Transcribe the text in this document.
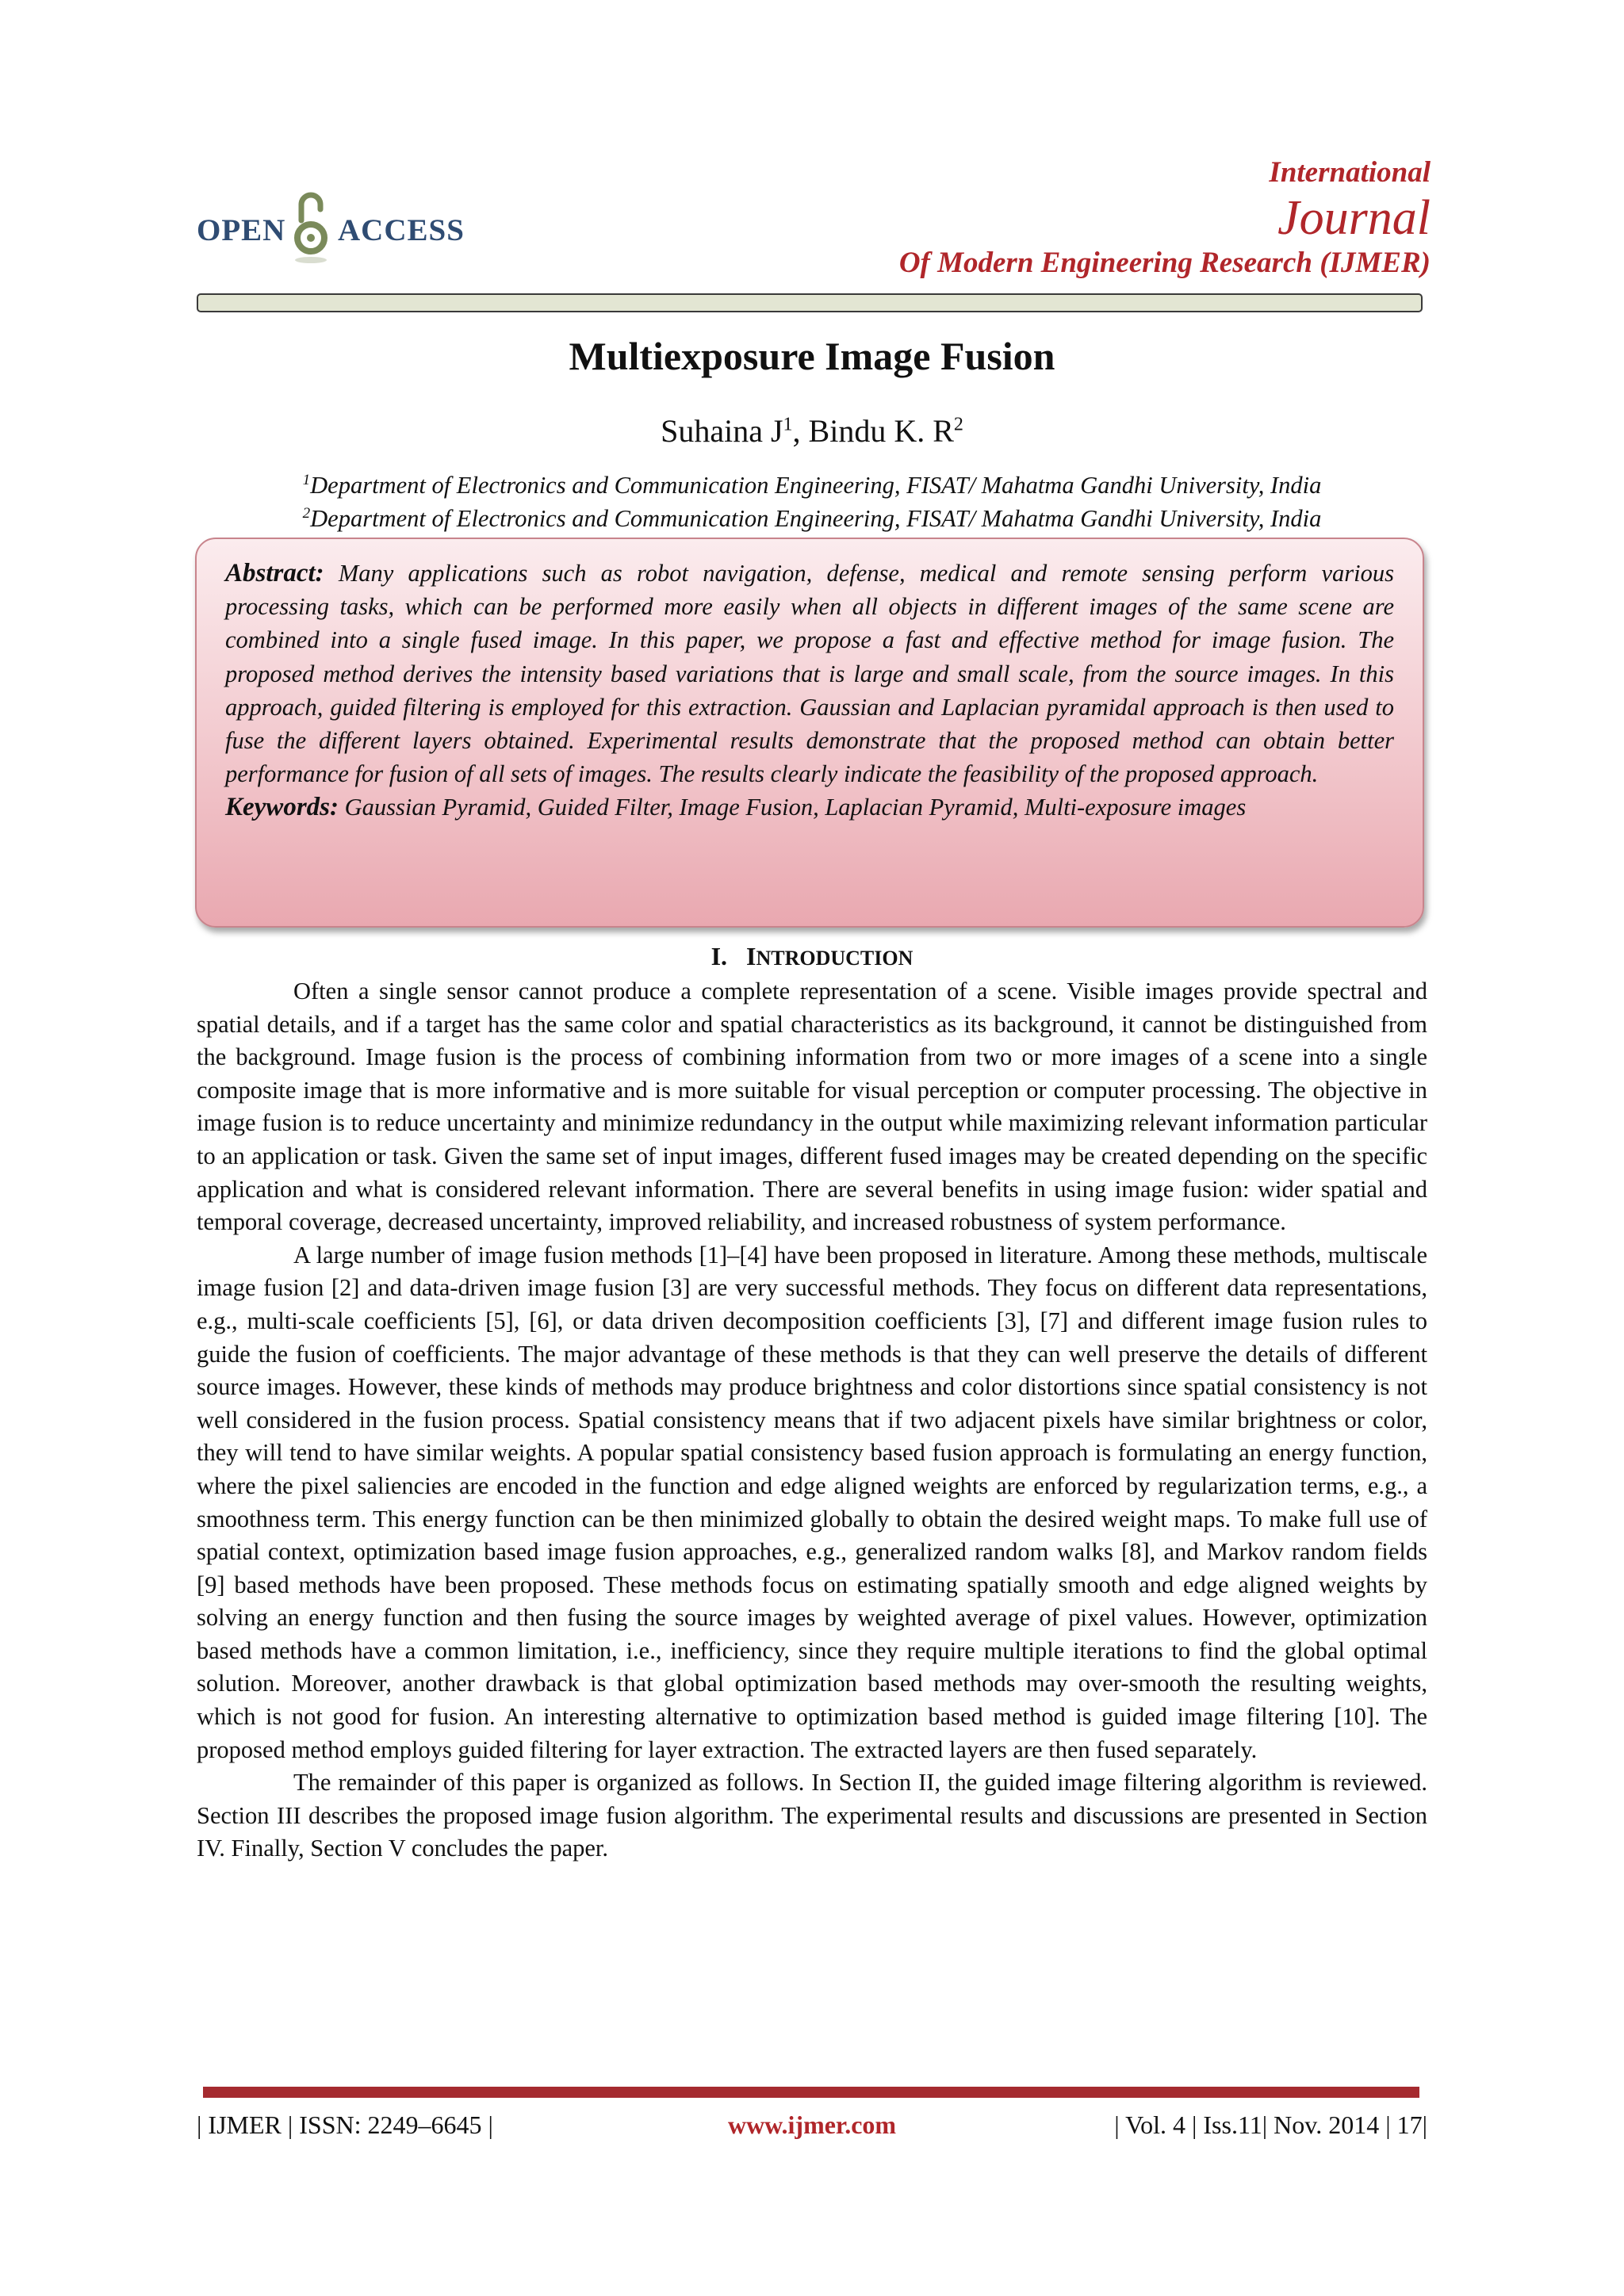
OPEN ACCESS
International
Journal
Of Modern Engineering Research (IJMER)
Multiexposure Image Fusion
Suhaina $J^1$, Bindu K. $R^2$
$^1$Department of Electronics and Communication Engineering, FISAT/ Mahatma Gandhi University, India
$^2$Department of Electronics and Communication Engineering, FISAT/ Mahatma Gandhi University, India

Abstract: Many applications such as robot navigation, defense, medical and remote sensing perform various processing tasks, which can be performed more easily when all objects in different images of the same scene are combined into a single fused image. In this paper, we propose a fast and effective method for image fusion. The proposed method derives the intensity based variations that is large and small scale, from the source images. In this approach, guided filtering is employed for this extraction. Gaussian and Laplacian pyramidal approach is then used to fuse the different layers obtained. Experimental results demonstrate that the proposed method can obtain better performance for fusion of all sets of images. The results clearly indicate the feasibility of the proposed approach.

Keywords: Gaussian Pyramid, Guided Filter, Image Fusion, Laplacian Pyramid, Multi-exposure images

I. INTRODUCTION

Often a single sensor cannot produce a complete representation of a scene. Visible images provide spectral and spatial details, and if a target has the same color and spatial characteristics as its background, it cannot be distinguished from the background. Image fusion is the process of combining information from two or more images of a scene into a single composite image that is more informative and is more suitable for visual perception or computer processing. The objective in image fusion is to reduce uncertainty and minimize redundancy in the output while maximizing relevant information particular to an application or task. Given the same set of input images, different fused images may be created depending on the specific application and what is considered relevant information. There are several benefits in using image fusion: wider spatial and temporal coverage, decreased uncertainty, improved reliability, and increased robustness of system performance.

A large number of image fusion methods [1]–[4] have been proposed in literature. Among these methods, multiscale image fusion [2] and data-driven image fusion [3] are very successful methods. They focus on different data representations, e.g., multi-scale coefficients [5], [6], or data driven decomposition coefficients [3], [7] and different image fusion rules to guide the fusion of coefficients. The major advantage of these methods is that they can well preserve the details of different source images. However, these kinds of methods may produce brightness and color distortions since spatial consistency is not well considered in the fusion process. Spatial consistency means that if two adjacent pixels have similar brightness or color, they will tend to have similar weights. A popular spatial consistency based fusion approach is formulating an energy function, where the pixel saliencies are encoded in the function and edge aligned weights are enforced by regularization terms, e.g., a smoothness term. This energy function can be then minimized globally to obtain the desired weight maps. To make full use of spatial context, optimization based image fusion approaches, e.g., generalized random walks [8], and Markov random fields [9] based methods have been proposed. These methods focus on estimating spatially smooth and edge aligned weights by solving an energy function and then fusing the source images by weighted average of pixel values. However, optimization based methods have a common limitation, i.e., inefficiency, since they require multiple iterations to find the global optimal solution. Moreover, another drawback is that global optimization based methods may over-smooth the resulting weights, which is not good for fusion. An interesting alternative to optimization based method is guided image filtering [10]. The proposed method employs guided filtering for layer extraction. The extracted layers are then fused separately.

The remainder of this paper is organized as follows. In Section II, the guided image filtering algorithm is reviewed. Section III describes the proposed image fusion algorithm. The experimental results and discussions are presented in Section IV. Finally, Section V concludes the paper.

| IJMER | ISSN: 2249–6645 |	www.ijmer.com	| Vol. 4 | Iss.11| Nov. 2014 | 17|
